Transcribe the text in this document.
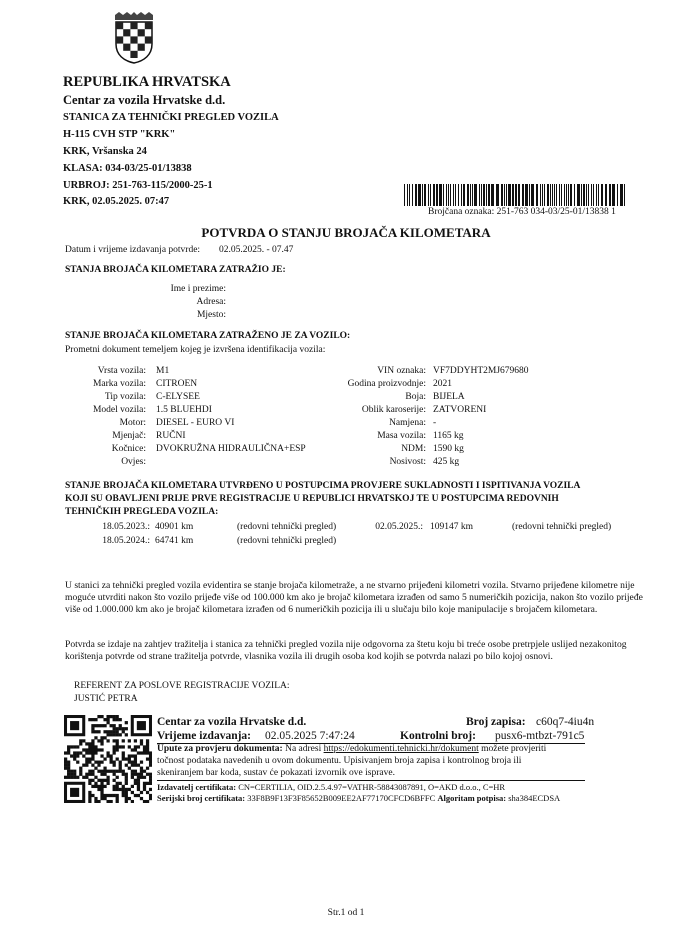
REPUBLIKA HRVATSKA
Centar za vozila Hrvatske d.d.
STANICA ZA TEHNIČKI PREGLED VOZILA
H-115 CVH STP "KRK"
KRK, Vršanska 24
KLASA: 034-03/25-01/13838
URBROJ: 251-763-115/2000-25-1
KRK, 02.05.2025. 07:47
Brojčana oznaka: 251-763 034-03/25-01/13838 1
POTVRDA O STANJU BROJAČA KILOMETARA
Datum i vrijeme izdavanja potvrde: 02.05.2025. - 07.47
STANJA BROJAČA KILOMETARA ZATRAŽIO JE:
Ime i prezime:
Adresa:
Mjesto:
STANJE BROJAČA KILOMETARA ZATRAŽENO JE ZA VOZILO:
Prometni dokument temeljem kojeg je izvršena identifikacija vozila:
Vrsta vozila: M1
Marka vozila: CITROEN
Tip vozila: C-ELYSEE
Model vozila: 1.5 BLUEHDI
Motor: DIESEL - EURO VI
Mjenjač: RUČNI
Kočnice: DVOKRUŽNA HIDRAULIČNA+ESP
Ovjes:
VIN oznaka: VF7DDYHT2MJ679680
Godina proizvodnje: 2021
Boja: BIJELA
Oblik karoserije: ZATVORENI
Namjena: -
Masa vozila: 1165 kg
NDM: 1590 kg
Nosivost: 425 kg
STANJE BROJAČA KILOMETARA UTVRĐENO U POSTUPCIMA PROVJERE SUKLADNOSTI I ISPITIVANJA VOZILA
KOJI SU OBAVLJENI PRIJE PRVE REGISTRACIJE U REPUBLICI HRVATSKOJ TE U POSTUPCIMA REDOVNIH
TEHNIČKIH PREGLEDA VOZILA:
18.05.2023.: 40901 km	(redovni tehnički pregled)
18.05.2024.: 64741 km	(redovni tehnički pregled)
02.05.2025.: 109147 km	(redovni tehnički pregled)
U stanici za tehnički pregled vozila evidentira se stanje brojača kilometraže, a ne stvarno prijeđeni kilometri vozila. Stvarno prijeđene kilometre nije moguće utvrditi nakon što vozilo prijeđe više od 100.000 km ako je brojač kilometara izrađen od samo 5 numeričkih pozicija, nakon što vozilo prijeđe više od 1.000.000 km ako je brojač kilometara izrađen od 6 numeričkih pozicija ili u slučaju bilo koje manipulacije s brojačem kilometara.
Potvrda se izdaje na zahtjev tražitelja i stanica za tehnički pregled vozila nije odgovorna za štetu koju bi treće osobe pretrpjele uslijed nezakonitog korištenja potvrde od strane tražitelja potvrde, vlasnika vozila ili drugih osoba kod kojih se potvrda nalazi po bilo kojoj osnovi.
REFERENT ZA POSLOVE REGISTRACIJE VOZILA:
JUSTIĆ PETRA
Centar za vozila Hrvatske d.d.	Broj zapisa: c60q7-4iu4n
Vrijeme izdavanja: 02.05.2025 7:47:24	Kontrolni broj: pusx6-mtbzt-791c5
Upute za provjeru dokumenta: Na adresi https://edokumenti.tehnicki.hr/dokument možete provjeriti
točnost podataka navedenih u ovom dokumentu. Upisivanjem broja zapisa i kontrolnog broja ili
skeniranjem bar koda, sustav će pokazati izvornik ove isprave.
Izdavatelj certifikata: CN=CERTILIA, OID.2.5.4.97=VATHR-58843087891, O=AKD d.o.o., C=HR
Serijski broj certifikata: 33F8B9F13F3F85652B009EE2AF77170CFCD6BFFC Algoritam potpisa: sha384ECDSA
Str.1 od 1
